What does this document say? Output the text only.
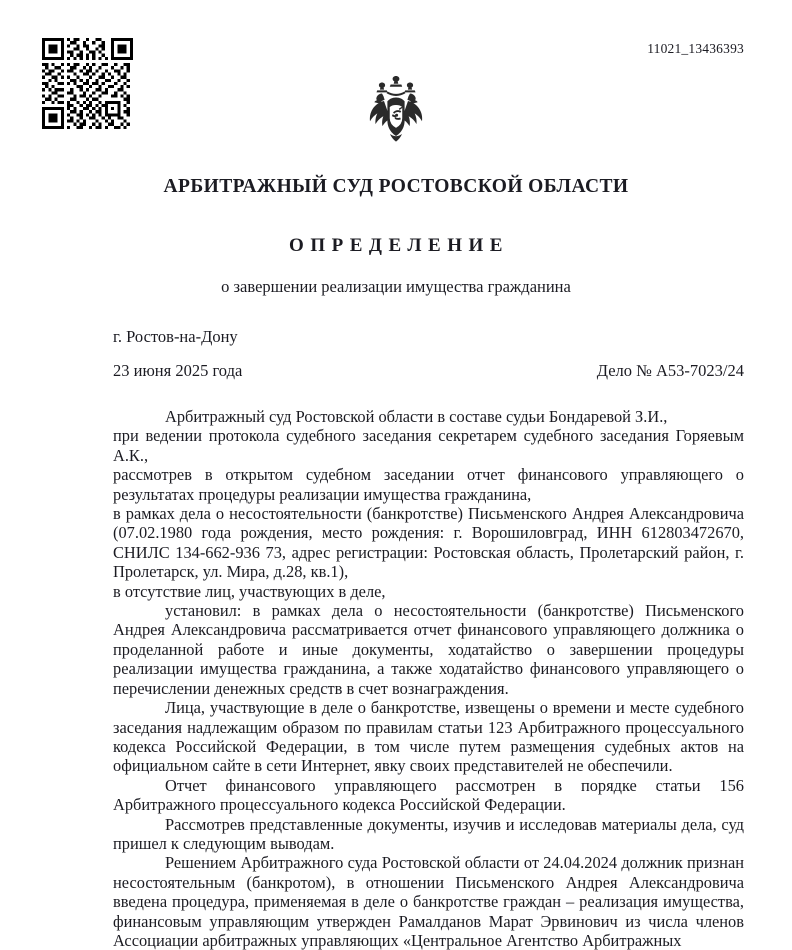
11021_13436393
АРБИТРАЖНЫЙ СУД РОСТОВСКОЙ ОБЛАСТИ
ОПРЕДЕЛЕНИЕ
о завершении реализации имущества гражданина
г. Ростов-на-Дону
23 июня 2025 года	Дело № А53-7023/24

Арбитражный суд Ростовской области в составе судьи Бондаревой З.И.,

при ведении протокола судебного заседания секретарем судебного заседания Горяевым А.К.,

рассмотрев в открытом судебном заседании отчет финансового управляющего о результатах процедуры реализации имущества гражданина,

в рамках дела о несостоятельности (банкротстве) Письменского Андрея Александровича (07.02.1980 года рождения, место рождения: г. Ворошиловград, ИНН 612803472670, СНИЛС 134-662-936 73, адрес регистрации: Ростовская область, Пролетарский район, г. Пролетарск, ул. Мира, д.28, кв.1),

в отсутствие лиц, участвующих в деле,

установил: в рамках дела о несостоятельности (банкротстве) Письменского Андрея Александровича рассматривается отчет финансового управляющего должника о проделанной работе и иные документы, ходатайство о завершении процедуры реализации имущества гражданина, а также ходатайство финансового управляющего о перечислении денежных средств в счет вознаграждения.

Лица, участвующие в деле о банкротстве, извещены о времени и месте судебного заседания надлежащим образом по правилам статьи 123 Арбитражного процессуального кодекса Российской Федерации, в том числе путем размещения судебных актов на официальном сайте в сети Интернет, явку своих представителей не обеспечили.

Отчет финансового управляющего рассмотрен в порядке статьи 156 Арбитражного процессуального кодекса Российской Федерации.

Рассмотрев представленные документы, изучив и исследовав материалы дела, суд пришел к следующим выводам.

Решением Арбитражного суда Ростовской области от 24.04.2024 должник признан несостоятельным (банкротом), в отношении Письменского Андрея Александровича введена процедура, применяемая в деле о банкротстве граждан – реализация имущества, финансовым управляющим утвержден Рамалданов Марат Эрвинович из числа членов Ассоциации арбитражных управляющих «Центральное Агентство Арбитражных
